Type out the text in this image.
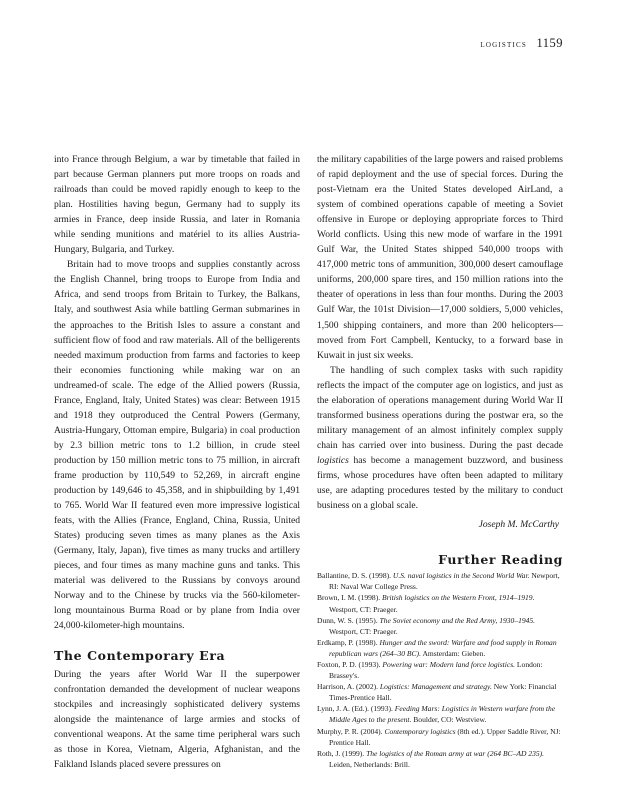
logistics 1159

into France through Belgium, a war by timetable that failed in part because German planners put more troops on roads and railroads than could be moved rapidly enough to keep to the plan. Hostilities having begun, Germany had to supply its armies in France, deep inside Russia, and later in Romania while sending munitions and matériel to its allies Austria-Hungary, Bulgaria, and Turkey.

Britain had to move troops and supplies constantly across the English Channel, bring troops to Europe from India and Africa, and send troops from Britain to Turkey, the Balkans, Italy, and southwest Asia while battling German submarines in the approaches to the British Isles to assure a constant and sufficient flow of food and raw materials. All of the belligerents needed maximum production from farms and factories to keep their economies functioning while making war on an undreamed-of scale. The edge of the Allied powers (Russia, France, England, Italy, United States) was clear: Between 1915 and 1918 they outproduced the Central Powers (Germany, Austria-Hungary, Ottoman empire, Bulgaria) in coal production by 2.3 billion metric tons to 1.2 billion, in crude steel production by 150 million metric tons to 75 million, in aircraft frame production by 110,549 to 52,269, in aircraft engine production by 149,646 to 45,358, and in shipbuilding by 1,491 to 765. World War II featured even more impressive logistical feats, with the Allies (France, England, China, Russia, United States) producing seven times as many planes as the Axis (Germany, Italy, Japan), five times as many trucks and artillery pieces, and four times as many machine guns and tanks. This material was delivered to the Russians by convoys around Norway and to the Chinese by trucks via the 560-kilometer-long mountainous Burma Road or by plane from India over 24,000-kilometer-high mountains.

The Contemporary Era

During the years after World War II the superpower confrontation demanded the development of nuclear weapons stockpiles and increasingly sophisticated delivery systems alongside the maintenance of large armies and stocks of conventional weapons. At the same time peripheral wars such as those in Korea, Vietnam, Algeria, Afghanistan, and the Falkland Islands placed severe pressures on

the military capabilities of the large powers and raised problems of rapid deployment and the use of special forces. During the post-Vietnam era the United States developed AirLand, a system of combined operations capable of meeting a Soviet offensive in Europe or deploying appropriate forces to Third World conflicts. Using this new mode of warfare in the 1991 Gulf War, the United States shipped 540,000 troops with 417,000 metric tons of ammunition, 300,000 desert camouflage uniforms, 200,000 spare tires, and 150 million rations into the theater of operations in less than four months. During the 2003 Gulf War, the 101st Division—17,000 soldiers, 5,000 vehicles, 1,500 shipping containers, and more than 200 helicopters—moved from Fort Campbell, Kentucky, to a forward base in Kuwait in just six weeks.

The handling of such complex tasks with such rapidity reflects the impact of the computer age on logistics, and just as the elaboration of operations management during World War II transformed business operations during the postwar era, so the military management of an almost infinitely complex supply chain has carried over into business. During the past decade logistics has become a management buzzword, and business firms, whose procedures have often been adapted to military use, are adapting procedures tested by the military to conduct business on a global scale.

Joseph M. McCarthy
Further Reading
Ballantine, D. S. (1998). U.S. naval logistics in the Second World War. Newport, RI: Naval War College Press.
Brown, I. M. (1998). British logistics on the Western Front, 1914–1919. Westport, CT: Praeger.
Dunn, W. S. (1995). The Soviet economy and the Red Army, 1930–1945. Westport, CT: Praeger.
Erdkamp, P. (1998). Hunger and the sword: Warfare and food supply in Roman republican wars (264–30 BC). Amsterdam: Gieben.
Foxton, P. D. (1993). Powering war: Modern land force logistics. London: Brassey's.
Harrison, A. (2002). Logistics: Management and strategy. New York: Financial Times-Prentice Hall.
Lynn, J. A. (Ed.). (1993). Feeding Mars: Logistics in Western warfare from the Middle Ages to the present. Boulder, CO: Westview.
Murphy, P. R. (2004). Contemporary logistics (8th ed.). Upper Saddle River, NJ: Prentice Hall.
Roth, J. (1999). The logistics of the Roman army at war (264 BC–AD 235). Leiden, Netherlands: Brill.
